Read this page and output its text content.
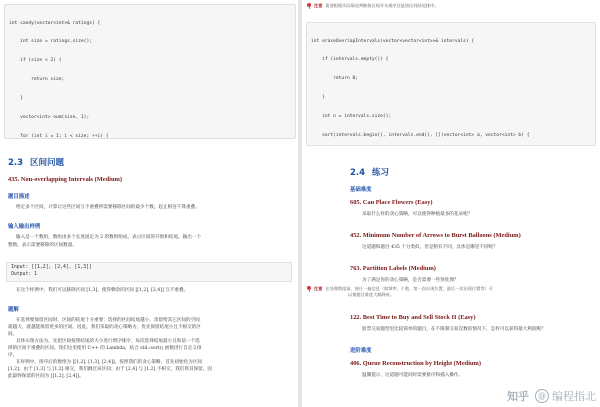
int candy(vector<int>& ratings) {

int size = ratings.size();

if (size < 2) {

return size;

}

vector<int> num(size, 1);

for (int i = 1; i < size; ++i) {

2.3 区间问题
435. Non-overlapping Intervals (Medium)
题目描述
给定多个区间，计算让这些区间互不重叠所需要移除区间的最少个数。起止相连不算重叠。
输入输出样例
输入是一个数组，数组由多个长度固定为 2 的数组组成，表示区间的开始和结尾。输出一个
整数，表示需要移除的区间数量。
Input: [[1,2], [2,4], [1,3]]
Output: 1
在这个样例中，我们可以移除区间 [1,3]，使得剩余的区间 [[1,2], [2,4]] 互不重叠。
题解
在选择要保留区间时，区间的结尾十分重要：选择的区间结尾越小，余留给其它区间的空间
就越大，就越能保留更多的区间。因此，我们采取的贪心策略为，优先保留结尾小且不相交的区
间。
具体实现方法为，先把区间按照结尾的大小进行增序排序，每次选择结尾最小且和前一个选
择的区间不重叠的区间。我们这里使用 C++ 的 Lambda，结合 std::sort() 函数进行自定义排
序。
在样例中，排序后的数组为 [[1,2], [1,3], [2,4]]。按照我们的贪心策略，首先初始化为区间
[1,2]；由于 [1,3] 与 [1,2] 相交，我们跳过该区间；由于 [2,4] 与 [1,2] 不相交，我们将其保留。因
此最终保留的区间为 [[1,2], [2,4]]。
注意 需要根据实际情况判断按区间开头排序还是按区间结尾排序。

int eraseOverlapIntervals(vector<vector<int>>& intervals) {

if (intervals.empty()) {

return 0;

}

int n = intervals.size();

sort(intervals.begin(), intervals.end(), [](vector<int> a, vector<int> b) {

2.4 练习
基础难度
605. Can Place Flowers (Easy)
采取什么样的贪心策略，可以使得种植最多的花朵呢？
452. Minimum Number of Arrows to Burst Balloons (Medium)
这道题和题目 435 十分类似，但是稍有不同，具体是哪里不同呢？
763. Partition Labels (Medium)
为了满足你的贪心策略，是否需要一些预处理？
注意 在处理数组前，统计一遍信息（如频率、个数、第一次出现位置、最后一次出现位置等）可
以使题目难度大幅降低。
122. Best Time to Buy and Sell Stock II (Easy)
股票交易题型里比较简单的题目，在不限制交易次数的情况下，怎样可以获得最大利润呢？
进阶难度
406. Queue Reconstruction by Height (Medium)
温馨提示，这道题可能同时需要排序和插入操作。
知乎	@ 编程指北
